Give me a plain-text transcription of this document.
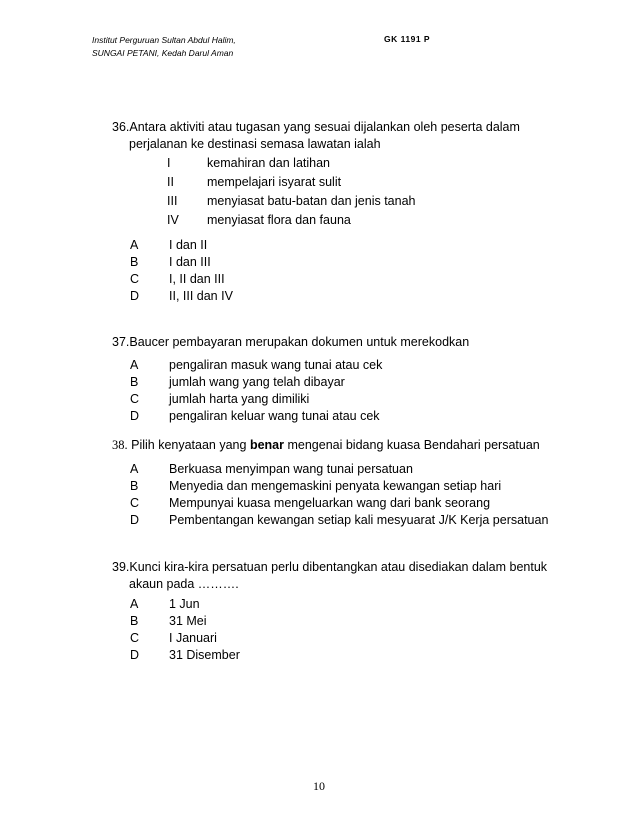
Institut Perguruan Sultan Abdul Halim,
SUNGAI PETANI, Kedah Darul Aman
GK 1191 P
36.Antara aktiviti atau tugasan yang sesuai dijalankan oleh peserta dalam
perjalanan ke destinasi semasa lawatan ialah
I	kemahiran dan latihan
II	mempelajari isyarat sulit
III menyiasat batu-batan dan jenis tanah
IV menyiasat flora dan fauna
A I dan II
B I dan III
C I, II dan III
D II, III dan IV
37.Baucer pembayaran merupakan dokumen untuk merekodkan
A pengaliran masuk wang tunai atau cek
B jumlah wang yang telah dibayar
C jumlah harta yang dimiliki
D pengaliran keluar wang tunai atau cek
38. Pilih kenyataan yang benar mengenai bidang kuasa Bendahari persatuan
A Berkuasa menyimpan wang tunai persatuan
B Menyedia dan mengemaskini penyata kewangan setiap hari
C Mempunyai kuasa mengeluarkan wang dari bank seorang
D Pembentangan kewangan setiap kali mesyuarat J/K Kerja persatuan
39.Kunci kira-kira persatuan perlu dibentangkan atau disediakan dalam bentuk
akaun pada ……….
A 1 Jun
B 31 Mei
C I Januari
D 31 Disember
10
